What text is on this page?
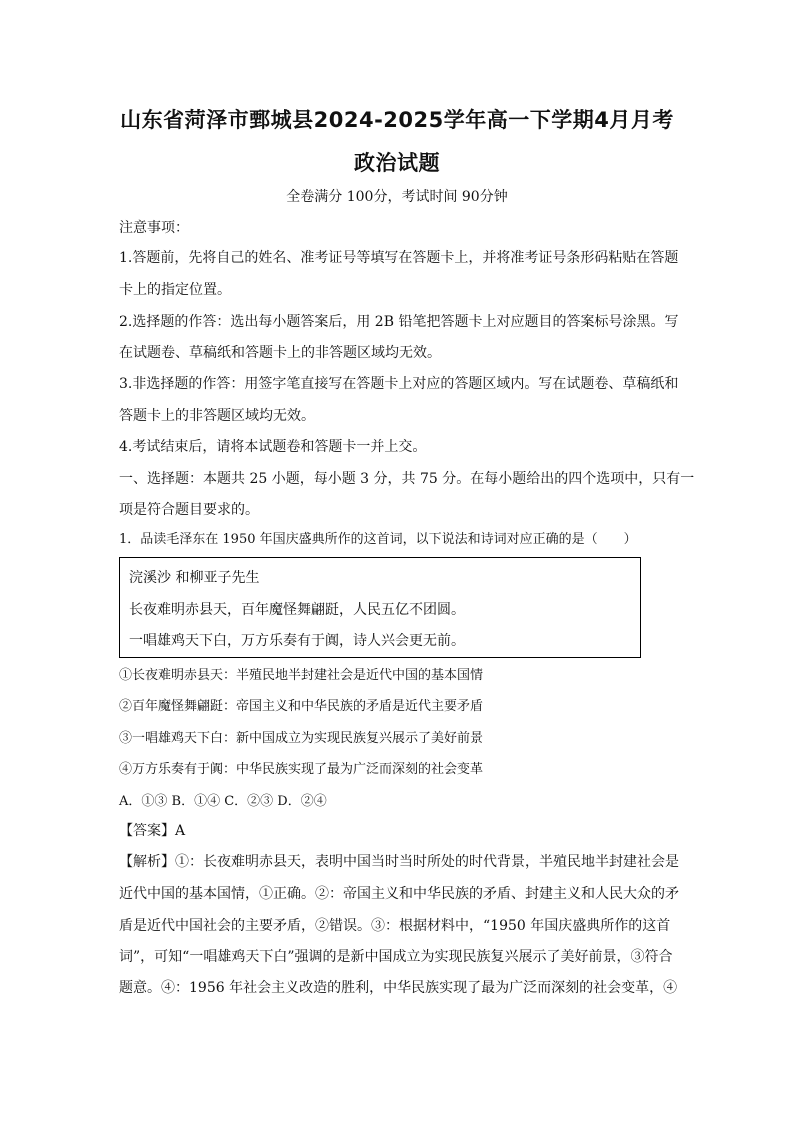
山东省菏泽市鄄城县2024-2025学年高一下学期4月月考
政治试题
全卷满分 100分，考试时间 90分钟
注意事项：
1.答题前，先将自己的姓名、准考证号等填写在答题卡上，并将准考证号条形码粘贴在答题
卡上的指定位置。
2.选择题的作答：选出每小题答案后，用 2B 铅笔把答题卡上对应题目的答案标号涂黑。写
在试题卷、草稿纸和答题卡上的非答题区域均无效。
3.非选择题的作答：用签字笔直接写在答题卡上对应的答题区域内。写在试题卷、草稿纸和
答题卡上的非答题区域均无效。
4.考试结束后，请将本试题卷和答题卡一并上交。
一、选择题：本题共 25 小题，每小题 3 分，共 75 分。在每小题给出的四个选项中，只有一
项是符合题目要求的。
1．品读毛泽东在 1950 年国庆盛典所作的这首词，以下说法和诗词对应正确的是（　　）
浣溪沙 和柳亚子先生
长夜难明赤县天，百年魔怪舞翩跹，人民五亿不团圆。
一唱雄鸡天下白，万方乐奏有于阗，诗人兴会更无前。
①长夜难明赤县天：半殖民地半封建社会是近代中国的基本国情
②百年魔怪舞翩跹：帝国主义和中华民族的矛盾是近代主要矛盾
③一唱雄鸡天下白：新中国成立为实现民族复兴展示了美好前景
④万方乐奏有于阗：中华民族实现了最为广泛而深刻的社会变革
A．①③ B．①④ C．②③ D．②④
【答案】A
【解析】①：长夜难明赤县天，表明中国当时当时所处的时代背景，半殖民地半封建社会是
近代中国的基本国情，①正确。②：帝国主义和中华民族的矛盾、封建主义和人民大众的矛
盾是近代中国社会的主要矛盾，②错误。③：根据材料中，“1950 年国庆盛典所作的这首
词”，可知“一唱雄鸡天下白”强调的是新中国成立为实现民族复兴展示了美好前景，③符合
题意。④：1956 年社会主义改造的胜利，中华民族实现了最为广泛而深刻的社会变革，④
